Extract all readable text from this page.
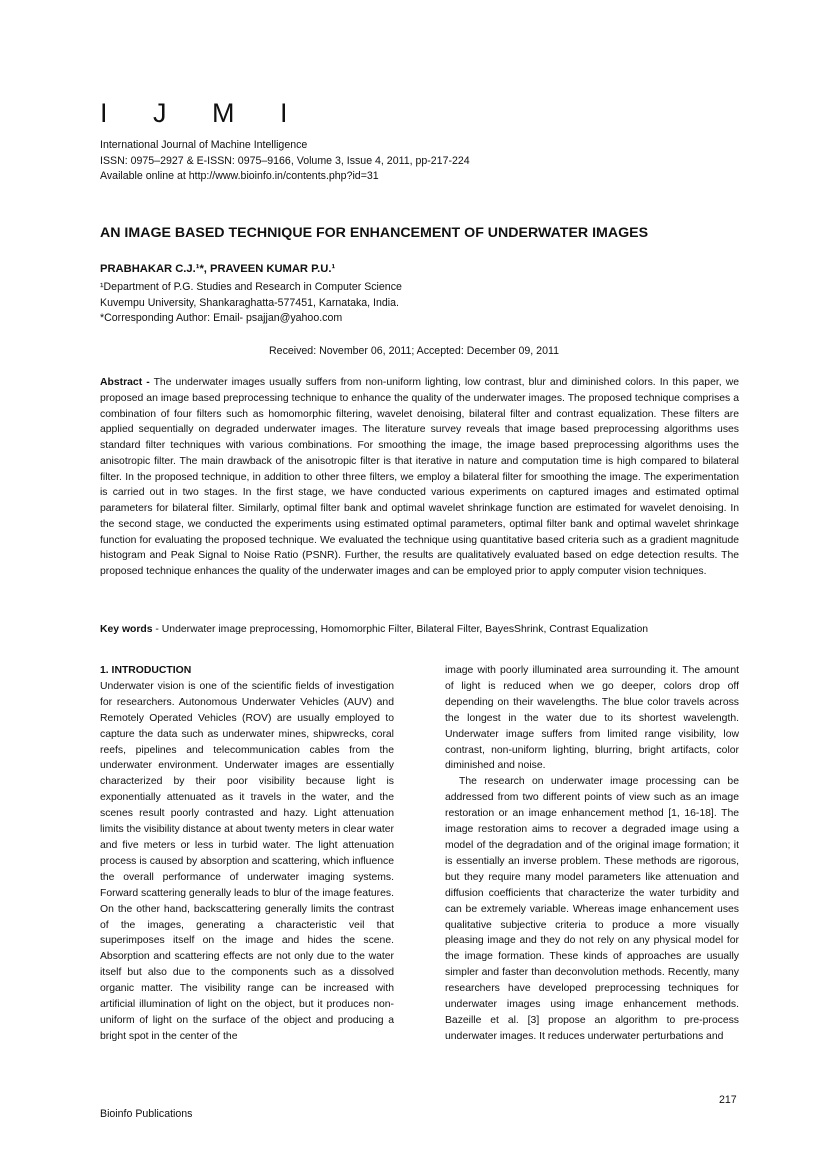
I J M I
International Journal of Machine Intelligence
ISSN: 0975–2927 & E-ISSN: 0975–9166, Volume 3, Issue 4, 2011, pp-217-224
Available online at http://www.bioinfo.in/contents.php?id=31
AN IMAGE BASED TECHNIQUE FOR ENHANCEMENT OF UNDERWATER IMAGES
PRABHAKAR C.J.¹*, PRAVEEN KUMAR P.U.¹
¹Department of P.G. Studies and Research in Computer Science
Kuvempu University, Shankaraghatta-577451, Karnataka, India.
*Corresponding Author: Email- psajjan@yahoo.com
Received: November 06, 2011; Accepted: December 09, 2011
Abstract - The underwater images usually suffers from non-uniform lighting, low contrast, blur and diminished colors. In this paper, we proposed an image based preprocessing technique to enhance the quality of the underwater images. The proposed technique comprises a combination of four filters such as homomorphic filtering, wavelet denoising, bilateral filter and contrast equalization. These filters are applied sequentially on degraded underwater images. The literature survey reveals that image based preprocessing algorithms uses standard filter techniques with various combinations. For smoothing the image, the image based preprocessing algorithms uses the anisotropic filter. The main drawback of the anisotropic filter is that iterative in nature and computation time is high compared to bilateral filter. In the proposed technique, in addition to other three filters, we employ a bilateral filter for smoothing the image. The experimentation is carried out in two stages. In the first stage, we have conducted various experiments on captured images and estimated optimal parameters for bilateral filter. Similarly, optimal filter bank and optimal wavelet shrinkage function are estimated for wavelet denoising. In the second stage, we conducted the experiments using estimated optimal parameters, optimal filter bank and optimal wavelet shrinkage function for evaluating the proposed technique. We evaluated the technique using quantitative based criteria such as a gradient magnitude histogram and Peak Signal to Noise Ratio (PSNR). Further, the results are qualitatively evaluated based on edge detection results. The proposed technique enhances the quality of the underwater images and can be employed prior to apply computer vision techniques.
Key words - Underwater image preprocessing, Homomorphic Filter, Bilateral Filter, BayesShrink, Contrast Equalization
1. INTRODUCTION

Underwater vision is one of the scientific fields of investigation for researchers. Autonomous Underwater Vehicles (AUV) and Remotely Operated Vehicles (ROV) are usually employed to capture the data such as underwater mines, shipwrecks, coral reefs, pipelines and telecommunication cables from the underwater environment. Underwater images are essentially characterized by their poor visibility because light is exponentially attenuated as it travels in the water, and the scenes result poorly contrasted and hazy. Light attenuation limits the visibility distance at about twenty meters in clear water and five meters or less in turbid water. The light attenuation process is caused by absorption and scattering, which influence the overall performance of underwater imaging systems. Forward scattering generally leads to blur of the image features. On the other hand, backscattering generally limits the contrast of the images, generating a characteristic veil that superimposes itself on the image and hides the scene. Absorption and scattering effects are not only due to the water itself but also due to the components such as a dissolved organic matter. The visibility range can be increased with artificial illumination of light on the object, but it produces non-uniform of light on the surface of the object and producing a bright spot in the center of the

image with poorly illuminated area surrounding it. The amount of light is reduced when we go deeper, colors drop off depending on their wavelengths. The blue color travels across the longest in the water due to its shortest wavelength. Underwater image suffers from limited range visibility, low contrast, non-uniform lighting, blurring, bright artifacts, color diminished and noise.

The research on underwater image processing can be addressed from two different points of view such as an image restoration or an image enhancement method [1, 16-18]. The image restoration aims to recover a degraded image using a model of the degradation and of the original image formation; it is essentially an inverse problem. These methods are rigorous, but they require many model parameters like attenuation and diffusion coefficients that characterize the water turbidity and can be extremely variable. Whereas image enhancement uses qualitative subjective criteria to produce a more visually pleasing image and they do not rely on any physical model for the image formation. These kinds of approaches are usually simpler and faster than deconvolution methods. Recently, many researchers have developed preprocessing techniques for underwater images using image enhancement methods. Bazeille et al. [3] propose an algorithm to pre-process underwater images. It reduces underwater perturbations and

217
Bioinfo Publications
